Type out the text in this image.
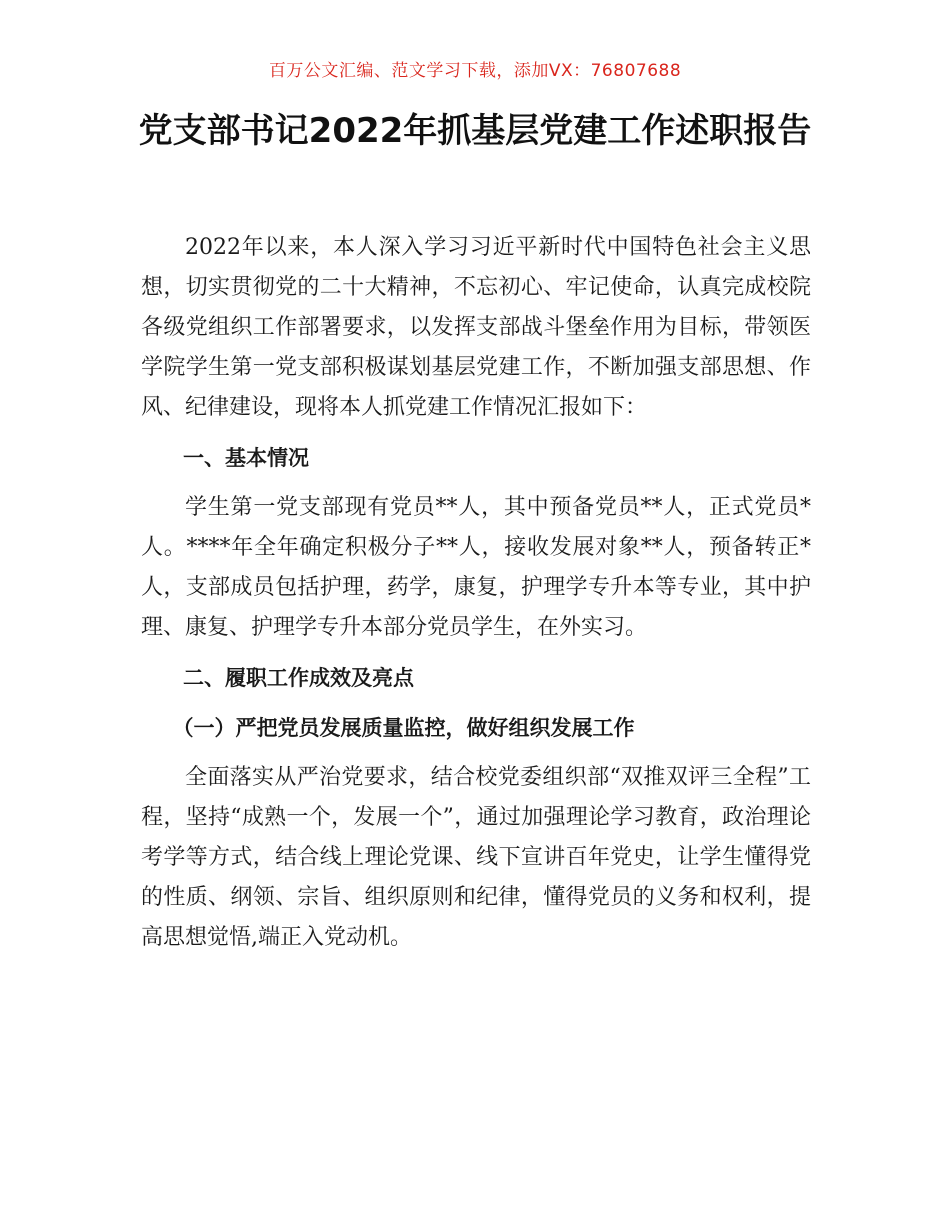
百万公文汇编、范文学习下载，添加VX：76807688
党支部书记2022年抓基层党建工作述职报告

2022年以来，本人深入学习习近平新时代中国特色社会主义思想，切实贯彻党的二十大精神，不忘初心、牢记使命，认真完成校院各级党组织工作部署要求，以发挥支部战斗堡垒作用为目标，带领医学院学生第一党支部积极谋划基层党建工作，不断加强支部思想、作风、纪律建设，现将本人抓党建工作情况汇报如下：

一、基本情况

学生第一党支部现有党员**人，其中预备党员**人，正式党员*人。****年全年确定积极分子**人，接收发展对象**人，预备转正*人，支部成员包括护理，药学，康复，护理学专升本等专业，其中护理、康复、护理学专升本部分党员学生，在外实习。

二、履职工作成效及亮点
（一）严把党员发展质量监控，做好组织发展工作

全面落实从严治党要求，结合校党委组织部“双推双评三全程”工程，坚持“成熟一个，发展一个”，通过加强理论学习教育，政治理论考学等方式，结合线上理论党课、线下宣讲百年党史，让学生懂得党的性质、纲领、宗旨、组织原则和纪律，懂得党员的义务和权利，提高思想觉悟,端正入党动机。
